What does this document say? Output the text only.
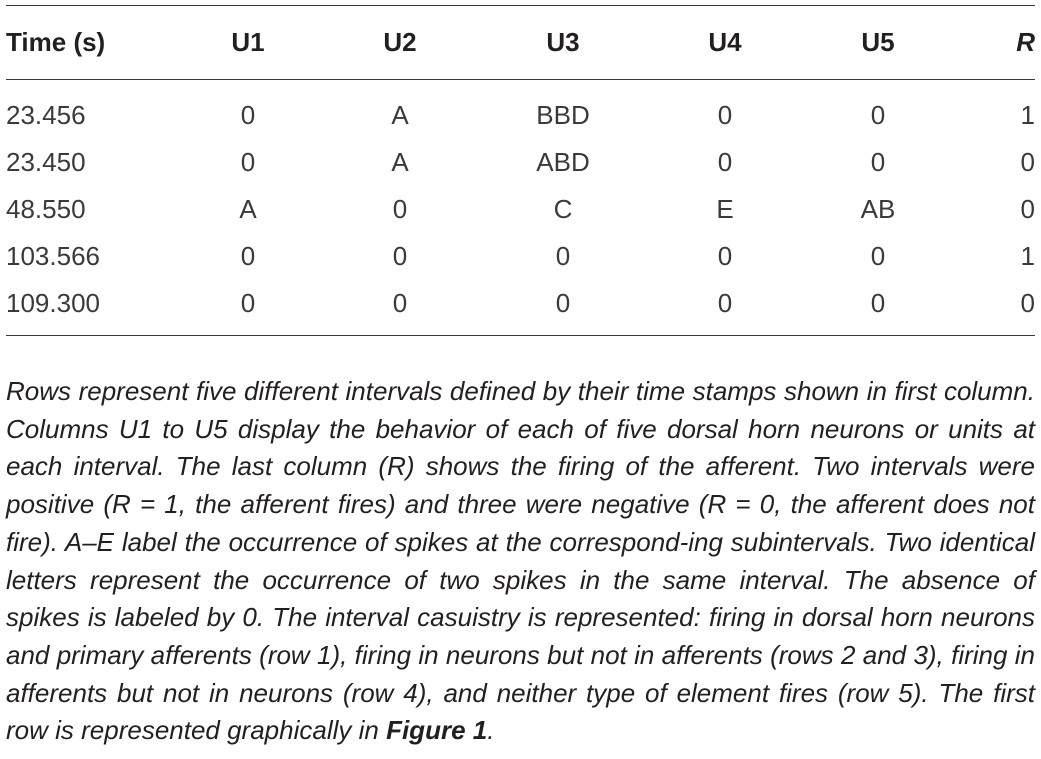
Time (s)	U1	U2	U3	U4	U5	R

23.456	0	A	BBD	0	0	1
23.450	0	A	ABD	0	0	0
48.550	A	0	C	E	AB	0
103.566	0	0	0	0	0	1
109.300	0	0	0	0	0	0

Rows represent five different intervals defined by their time stamps shown in first column. Columns U1 to U5 display the behavior of each of five dorsal horn neurons or units at each interval. The last column (R) shows the firing of the afferent. Two intervals were positive (R = 1, the afferent fires) and three were negative (R = 0, the afferent does not fire). A–E label the occurrence of spikes at the correspond-ing subintervals. Two identical letters represent the occurrence of two spikes in the same interval. The absence of spikes is labeled by 0. The interval casuistry is represented: firing in dorsal horn neurons and primary afferents (row 1), firing in neurons but not in afferents (rows 2 and 3), firing in afferents but not in neurons (row 4), and neither type of element fires (row 5). The first row is represented graphically in Figure 1.
